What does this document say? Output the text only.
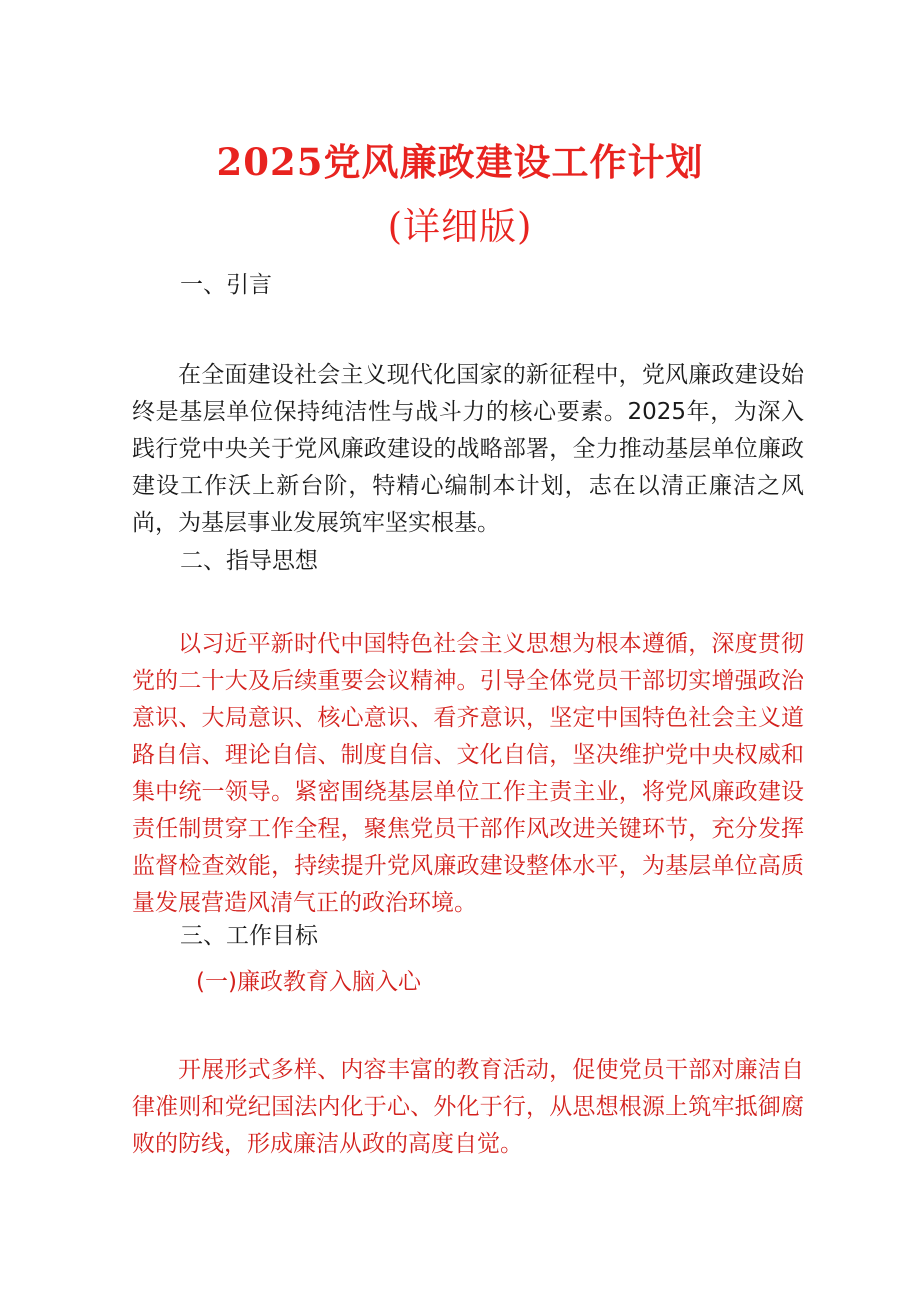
2025党风廉政建设工作计划
(详细版)
一、引言

在全面建设社会主义现代化国家的新征程中，党风廉政建设始终是基层单位保持纯洁性与战斗力的核心要素。2025年，为深入践行党中央关于党风廉政建设的战略部署，全力推动基层单位廉政建设工作沃上新台阶，特精心编制本计划，志在以清正廉洁之风尚，为基层事业发展筑牢坚实根基。

二、指导思想

以习近平新时代中国特色社会主义思想为根本遵循，深度贯彻党的二十大及后续重要会议精神。引导全体党员干部切实增强政治意识、大局意识、核心意识、看齐意识，坚定中国特色社会主义道路自信、理论自信、制度自信、文化自信，坚决维护党中央权威和集中统一领导。紧密围绕基层单位工作主责主业，将党风廉政建设责任制贯穿工作全程，聚焦党员干部作风改进关键环节，充分发挥监督检查效能，持续提升党风廉政建设整体水平，为基层单位高质量发展营造风清气正的政治环境。

三、工作目标
(一)廉政教育入脑入心

开展形式多样、内容丰富的教育活动，促使党员干部对廉洁自律准则和党纪国法内化于心、外化于行，从思想根源上筑牢抵御腐败的防线，形成廉洁从政的高度自觉。
